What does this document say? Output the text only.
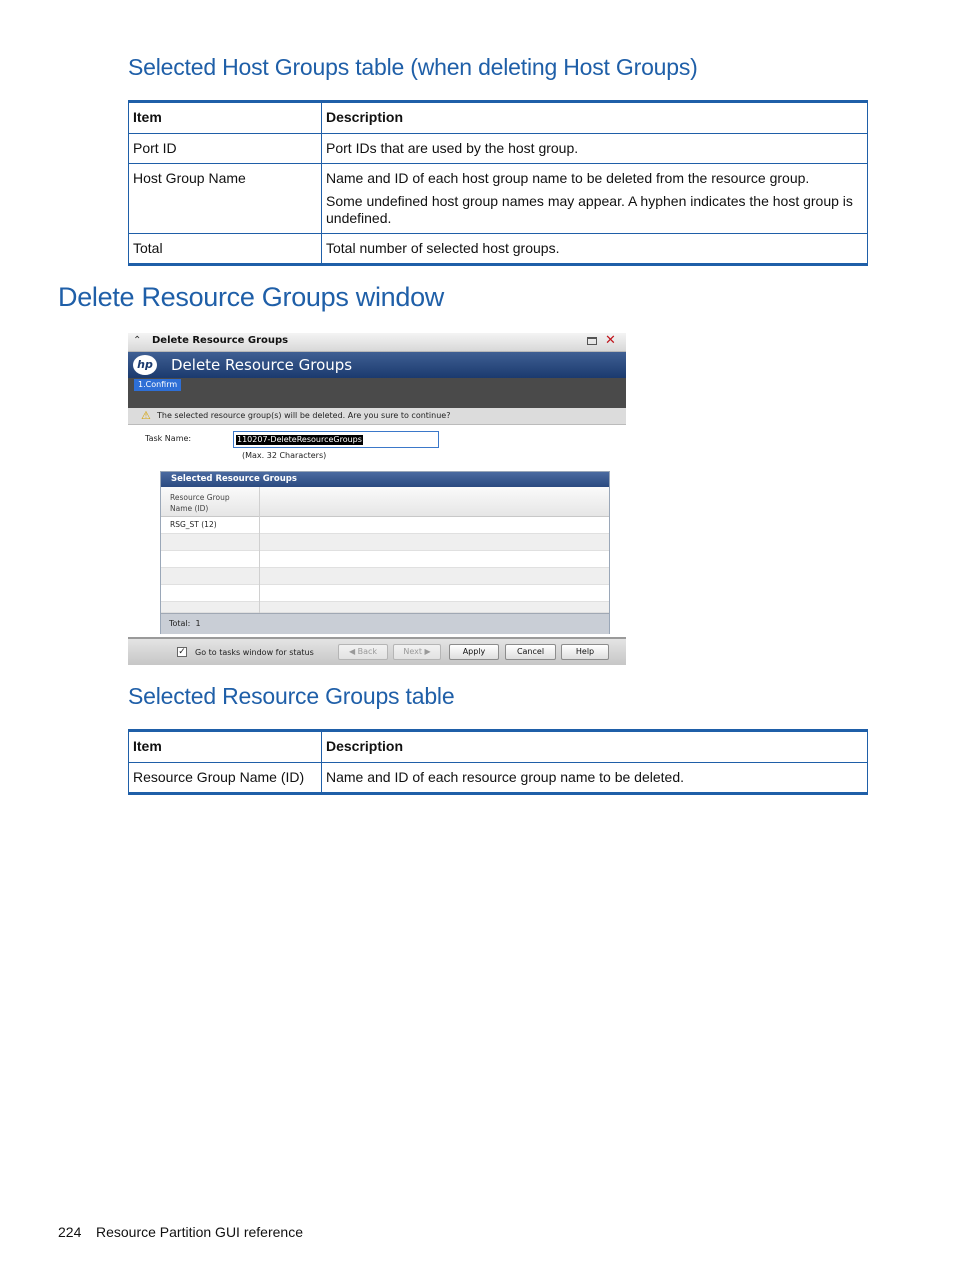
Selected Host Groups table (when deleting Host Groups)
Item	Description
Port ID	Port IDs that are used by the host group.

Host Group Name	Name and ID of each host group name to be deleted from the resource group.

Some undefined host group names may appear. A hyphen indicates the host group is undefined.

Total	Total number of selected host groups.

Delete Resource Groups window
⌃ Delete Resource Groups	✕
hp Delete Resource Groups
1.Confirm
⚠ The selected resource group(s) will be deleted. Are you sure to continue?
Task Name:	110207-DeleteResourceGroups
(Max. 32 Characters)
Selected Resource Groups
Resource Group
Name (ID)
RSG_ST (12)
Total: 1
✓ Go to tasks window for status	◀ Back	Next ▶	Apply	Cancel	Help
Selected Resource Groups table
Item	Description
Resource Group Name (ID)	Name and ID of each resource group name to be deleted.

224 Resource Partition GUI reference
